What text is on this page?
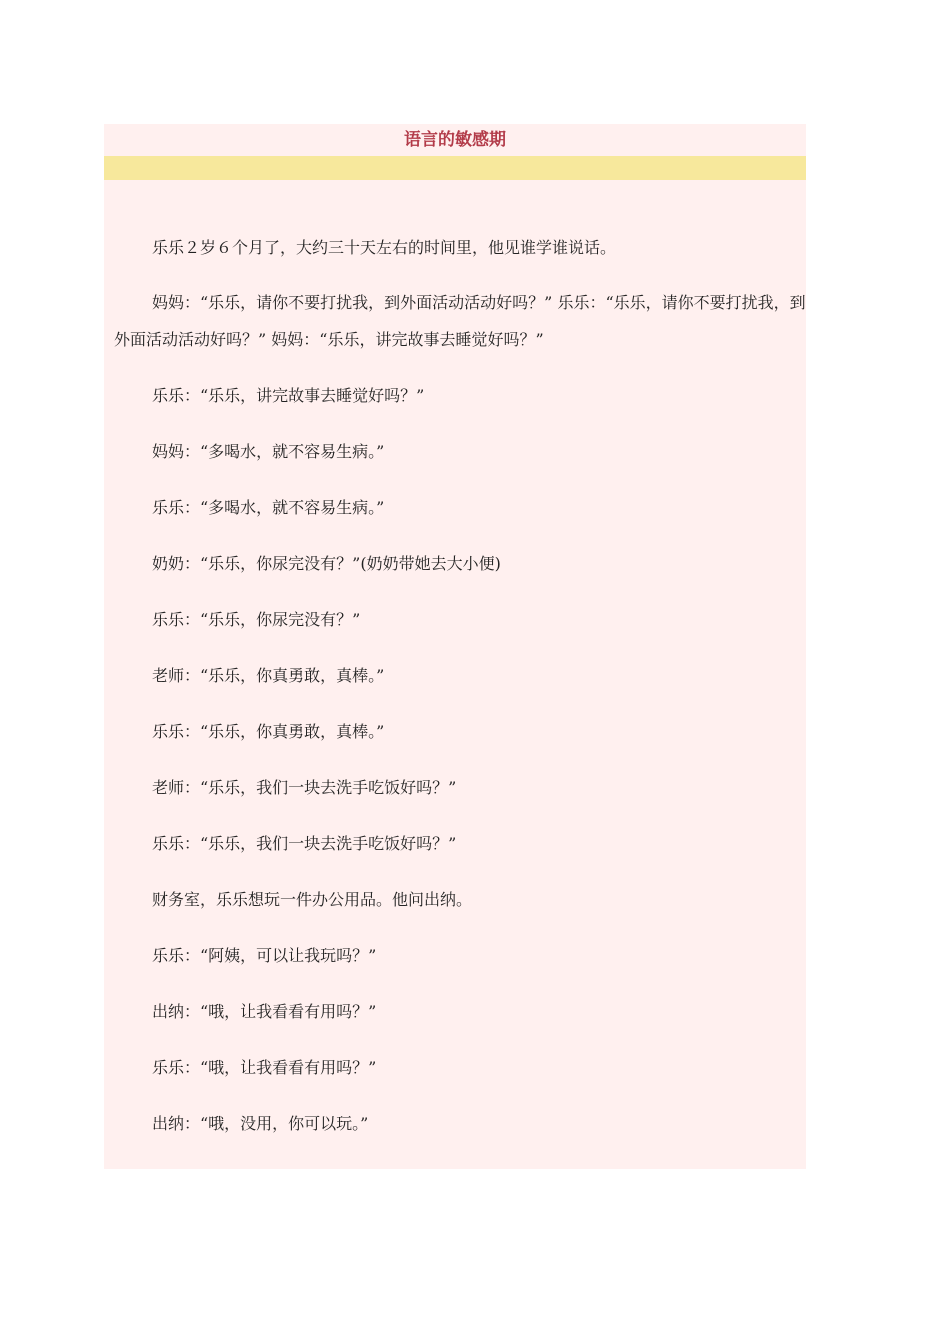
语言的敏感期
乐乐２岁６个月了，大约三十天左右的时间里，他见谁学谁说话。
妈妈：“乐乐，请你不要打扰我，到外面活动活动好吗？” 乐乐：“乐乐，请你不要打扰我，到外面活动活动好吗？” 妈妈：“乐乐，讲完故事去睡觉好吗？”
乐乐：“乐乐，讲完故事去睡觉好吗？”
妈妈：“多喝水，就不容易生病。”
乐乐：“多喝水，就不容易生病。”
奶奶：“乐乐，你尿完没有？”(奶奶带她去大小便)
乐乐：“乐乐，你尿完没有？”
老师：“乐乐，你真勇敢，真棒。”
乐乐：“乐乐，你真勇敢，真棒。”
老师：“乐乐，我们一块去洗手吃饭好吗？”
乐乐：“乐乐，我们一块去洗手吃饭好吗？”
财务室，乐乐想玩一件办公用品。他问出纳。
乐乐：“阿姨，可以让我玩吗？”
出纳：“哦，让我看看有用吗？”
乐乐：“哦，让我看看有用吗？”
出纳：“哦，没用，你可以玩。”
